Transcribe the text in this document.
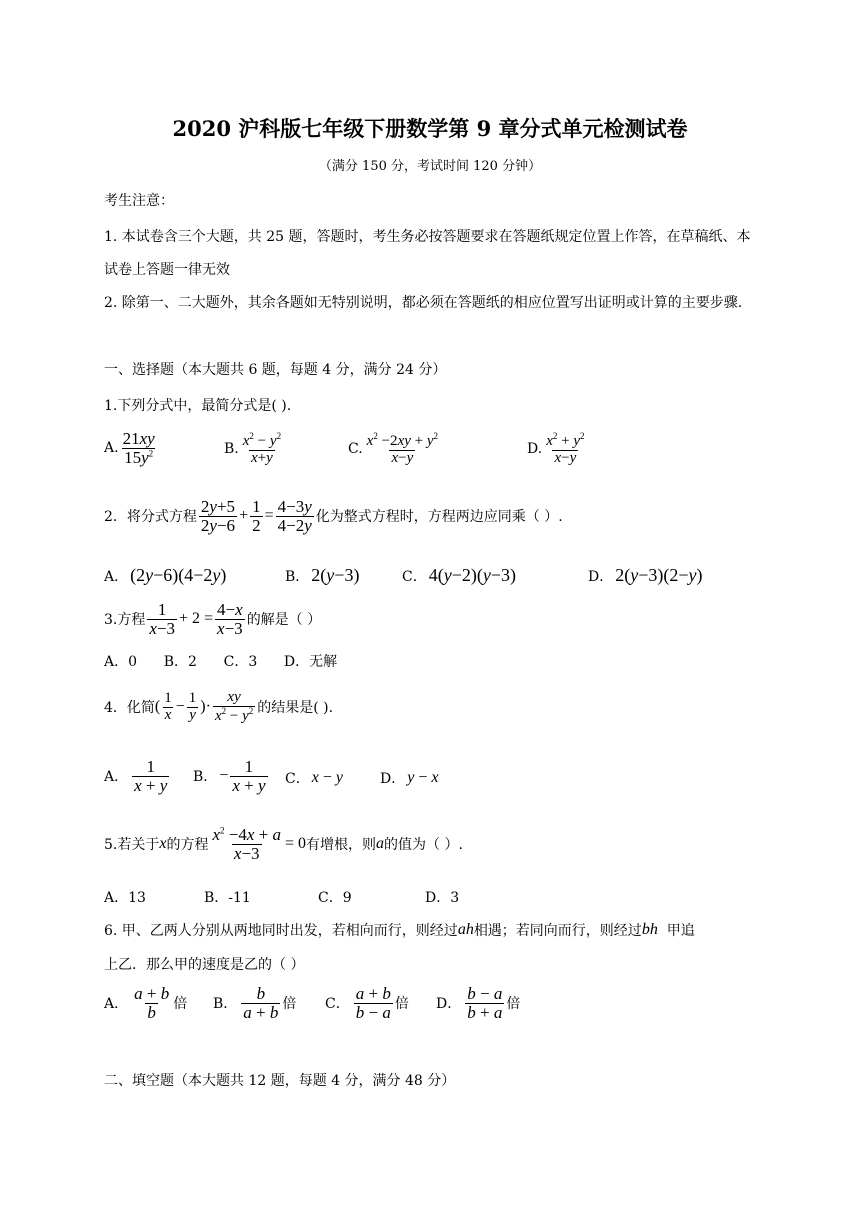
2020 沪科版七年级下册数学第 9 章分式单元检测试卷
（满分 150 分，考试时间 120 分钟）
考生注意：
1. 本试卷含三个大题，共 25 题，答题时，考生务必按答题要求在答题纸规定位置上作答，在草稿纸、本试卷上答题一律无效
2. 除第一、二大题外，其余各题如无特别说明，都必须在答题纸的相应位置写出证明或计算的主要步骤.
一、选择题（本大题共 6 题，每题 4 分，满分 24 分）
1.下列分式中，最简分式是( ).
A. $\frac{21xy}{15y^2}$	B. $\frac{x^2 - y^2}{x+y}$	C. $\frac{x^2 -2xy + y^2}{x-y}$	D. $\frac{x^2 + y^2}{x-y}$
2．将分式方程 $\frac{2y+5}{2y-6} + \frac{1}{2} = \frac{4-3y}{4-2y}$ 化为整式方程时，方程两边应同乘（ ）.
A． (2y−6)(4−2y)	B． 2(y−3)	C． 4(y−2)(y−3)	D． 2(y−3)(2−y)
3.方程 $\frac{1}{x-3} + 2 = \frac{4-x}{x-3}$ 的解是（ ）
A．0      B．2      C．3      D．无解
4．化简 ( $\frac{1}{x} - \frac{1}{y}$ )· $\frac{xy}{x^2 - y^2}$ 的结果是( ).
A． $\frac{1}{x + y}$ B． − $\frac{1}{x + y}$ C． x − y	D． y − x
5.若关于 x 的方程 $\frac{x^2 -4x + a}{x-3} = 0$ 有增根，则 a 的值为（ ）.
A．13	B．-11	C．9	D．3
6. 甲、乙两人分别从两地同时出发，若相向而行，则经过 ah 相遇；若同向而行，则经过 bh
甲追
上乙．那么甲的速度是乙的（ ）
A． $\frac{a + b}{b}$ 倍 B． $\frac{b}{a + b}$ 倍 C． $\frac{a + b}{b - a}$ 倍 D． $\frac{b - a}{b + a}$ 倍
二、填空题（本大题共 12 题，每题 4 分，满分 48 分）
